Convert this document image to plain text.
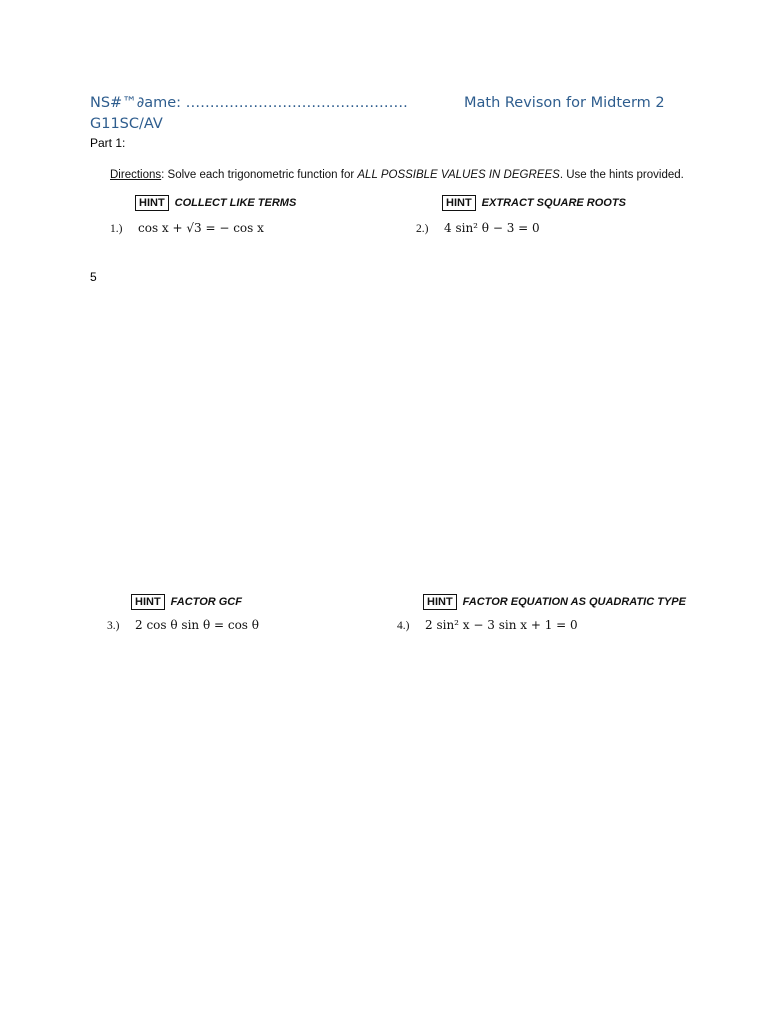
NS#™∂ame: ……………………………………….	Math Revison for Midterm 2
G11SC/AV
Part 1:
Directions: Solve each trigonometric function for ALL POSSIBLE VALUES IN DEGREES. Use the hints provided.
HINT COLLECT LIKE TERMS
1.)	cos x + √3 = − cos x
HINT EXTRACT SQUARE ROOTS
2.)	4 sin² θ − 3 = 0
5
HINT FACTOR GCF
3.)	2 cos θ sin θ = cos θ
HINT FACTOR EQUATION AS QUADRATIC TYPE
4.)	2 sin² x − 3 sin x + 1 = 0
